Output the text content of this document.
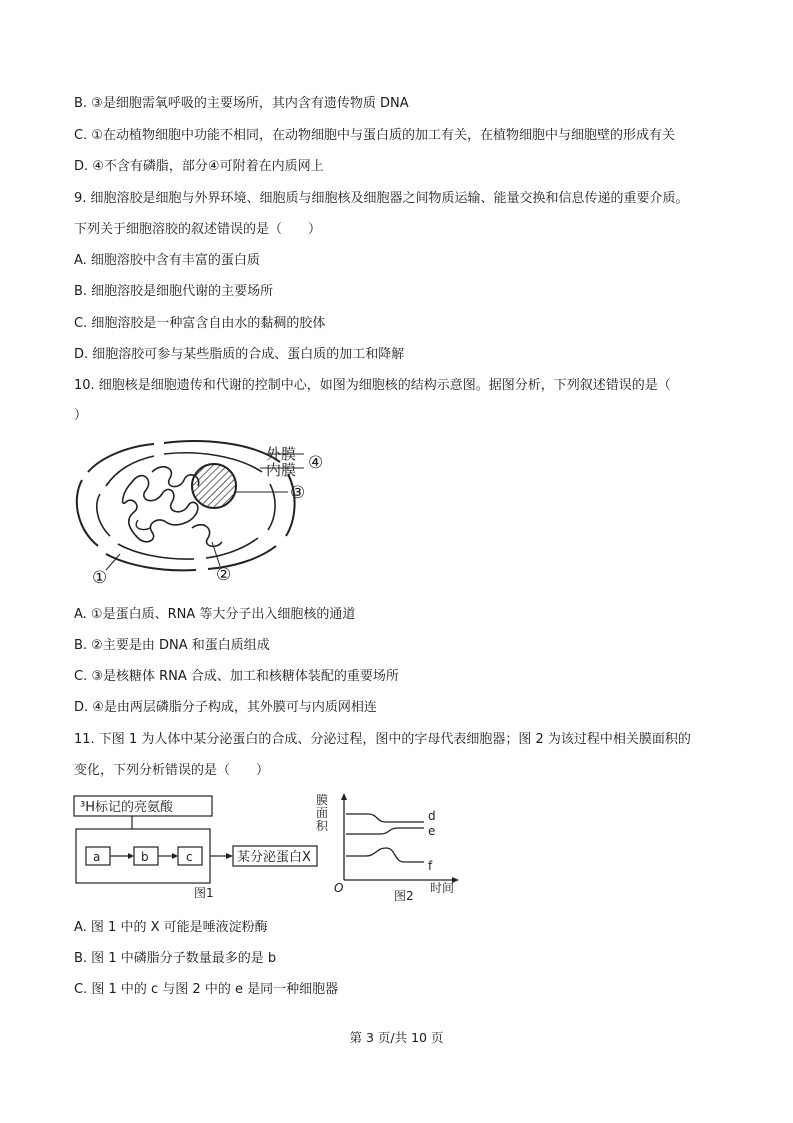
B. ③是细胞需氧呼吸的主要场所，其内含有遗传物质 DNA
C. ①在动植物细胞中功能不相同，在动物细胞中与蛋白质的加工有关，在植物细胞中与细胞壁的形成有关
D. ④不含有磷脂，部分④可附着在内质网上
9. 细胞溶胶是细胞与外界环境、细胞质与细胞核及细胞器之间物质运输、能量交换和信息传递的重要介质。
下列关于细胞溶胶的叙述错误的是（　　）
A. 细胞溶胶中含有丰富的蛋白质
B. 细胞溶胶是细胞代谢的主要场所
C. 细胞溶胶是一种富含自由水的黏稠的胶体
D. 细胞溶胶可参与某些脂质的合成、蛋白质的加工和降解
10. 细胞核是细胞遗传和代谢的控制中心，如图为细胞核的结构示意图。据图分析，下列叙述错误的是（
）
外膜
内膜 ④
③
①	②
A. ①是蛋白质、RNA 等大分子出入细胞核的通道
B. ②主要是由 DNA 和蛋白质组成
C. ③是核糖体 RNA 合成、加工和核糖体装配的重要场所
D. ④是由两层磷脂分子构成，其外膜可与内质网相连
11. 下图 1 为人体中某分泌蛋白的合成、分泌过程，图中的字母代表细胞器；图 2 为该过程中相关膜面积的
变化，下列分析错误的是（　　）
³H标记的亮氨酸
a	b	c	某分泌蛋白X
图1
膜
面
积
d
e
f
O
图2
时间
A. 图 1 中的 X 可能是唾液淀粉酶
B. 图 1 中磷脂分子数量最多的是 b
C. 图 1 中的 c 与图 2 中的 e 是同一种细胞器
第 3 页/共 10 页
